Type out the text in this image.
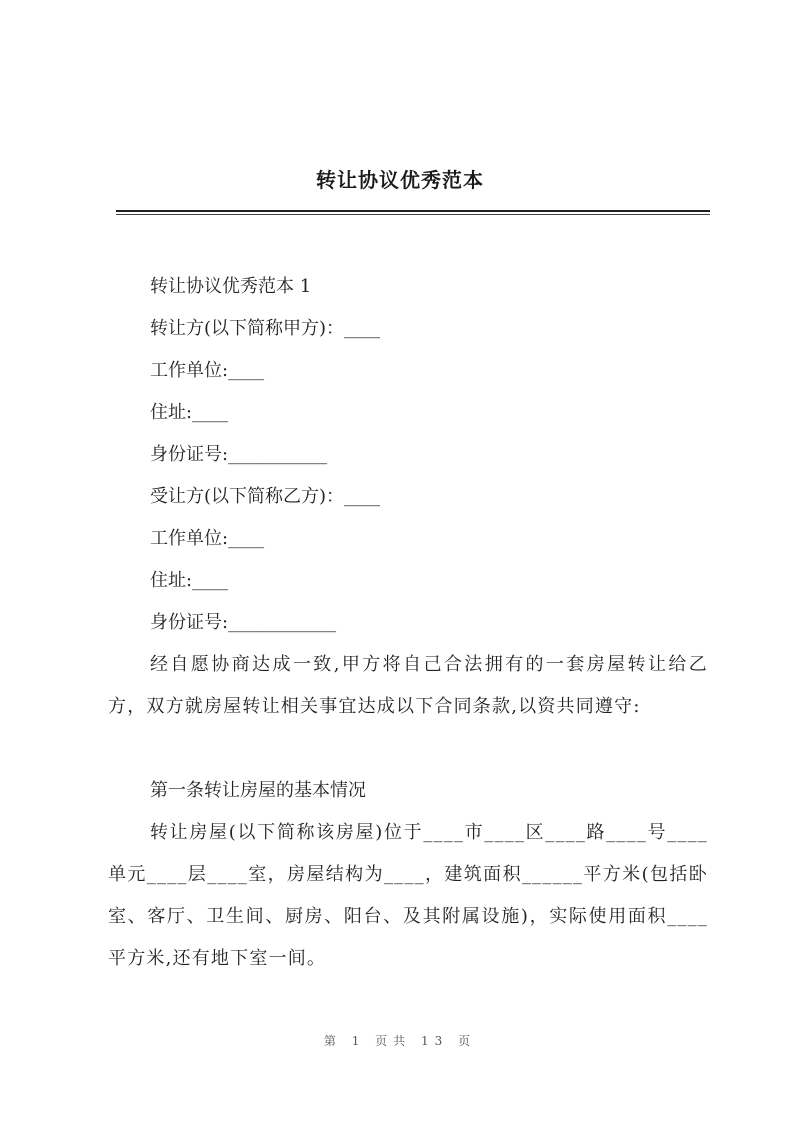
转让协议优秀范本
转让协议优秀范本 1
转让方(以下简称甲方)：____
工作单位:____
住址:____
身份证号:___________
受让方(以下简称乙方)：____
工作单位:____
住址:____
身份证号:____________
经自愿协商达成一致,甲方将自己合法拥有的一套房屋转让给乙方，双方就房屋转让相关事宜达成以下合同条款,以资共同遵守:
第一条转让房屋的基本情况
转让房屋(以下简称该房屋)位于____市____区____路____号____单元____层____室，房屋结构为____，建筑面积______平方米(包括卧室、客厅、卫生间、厨房、阳台、及其附属设施)，实际使用面积____平方米,还有地下室一间。
第 1 页共 13 页
